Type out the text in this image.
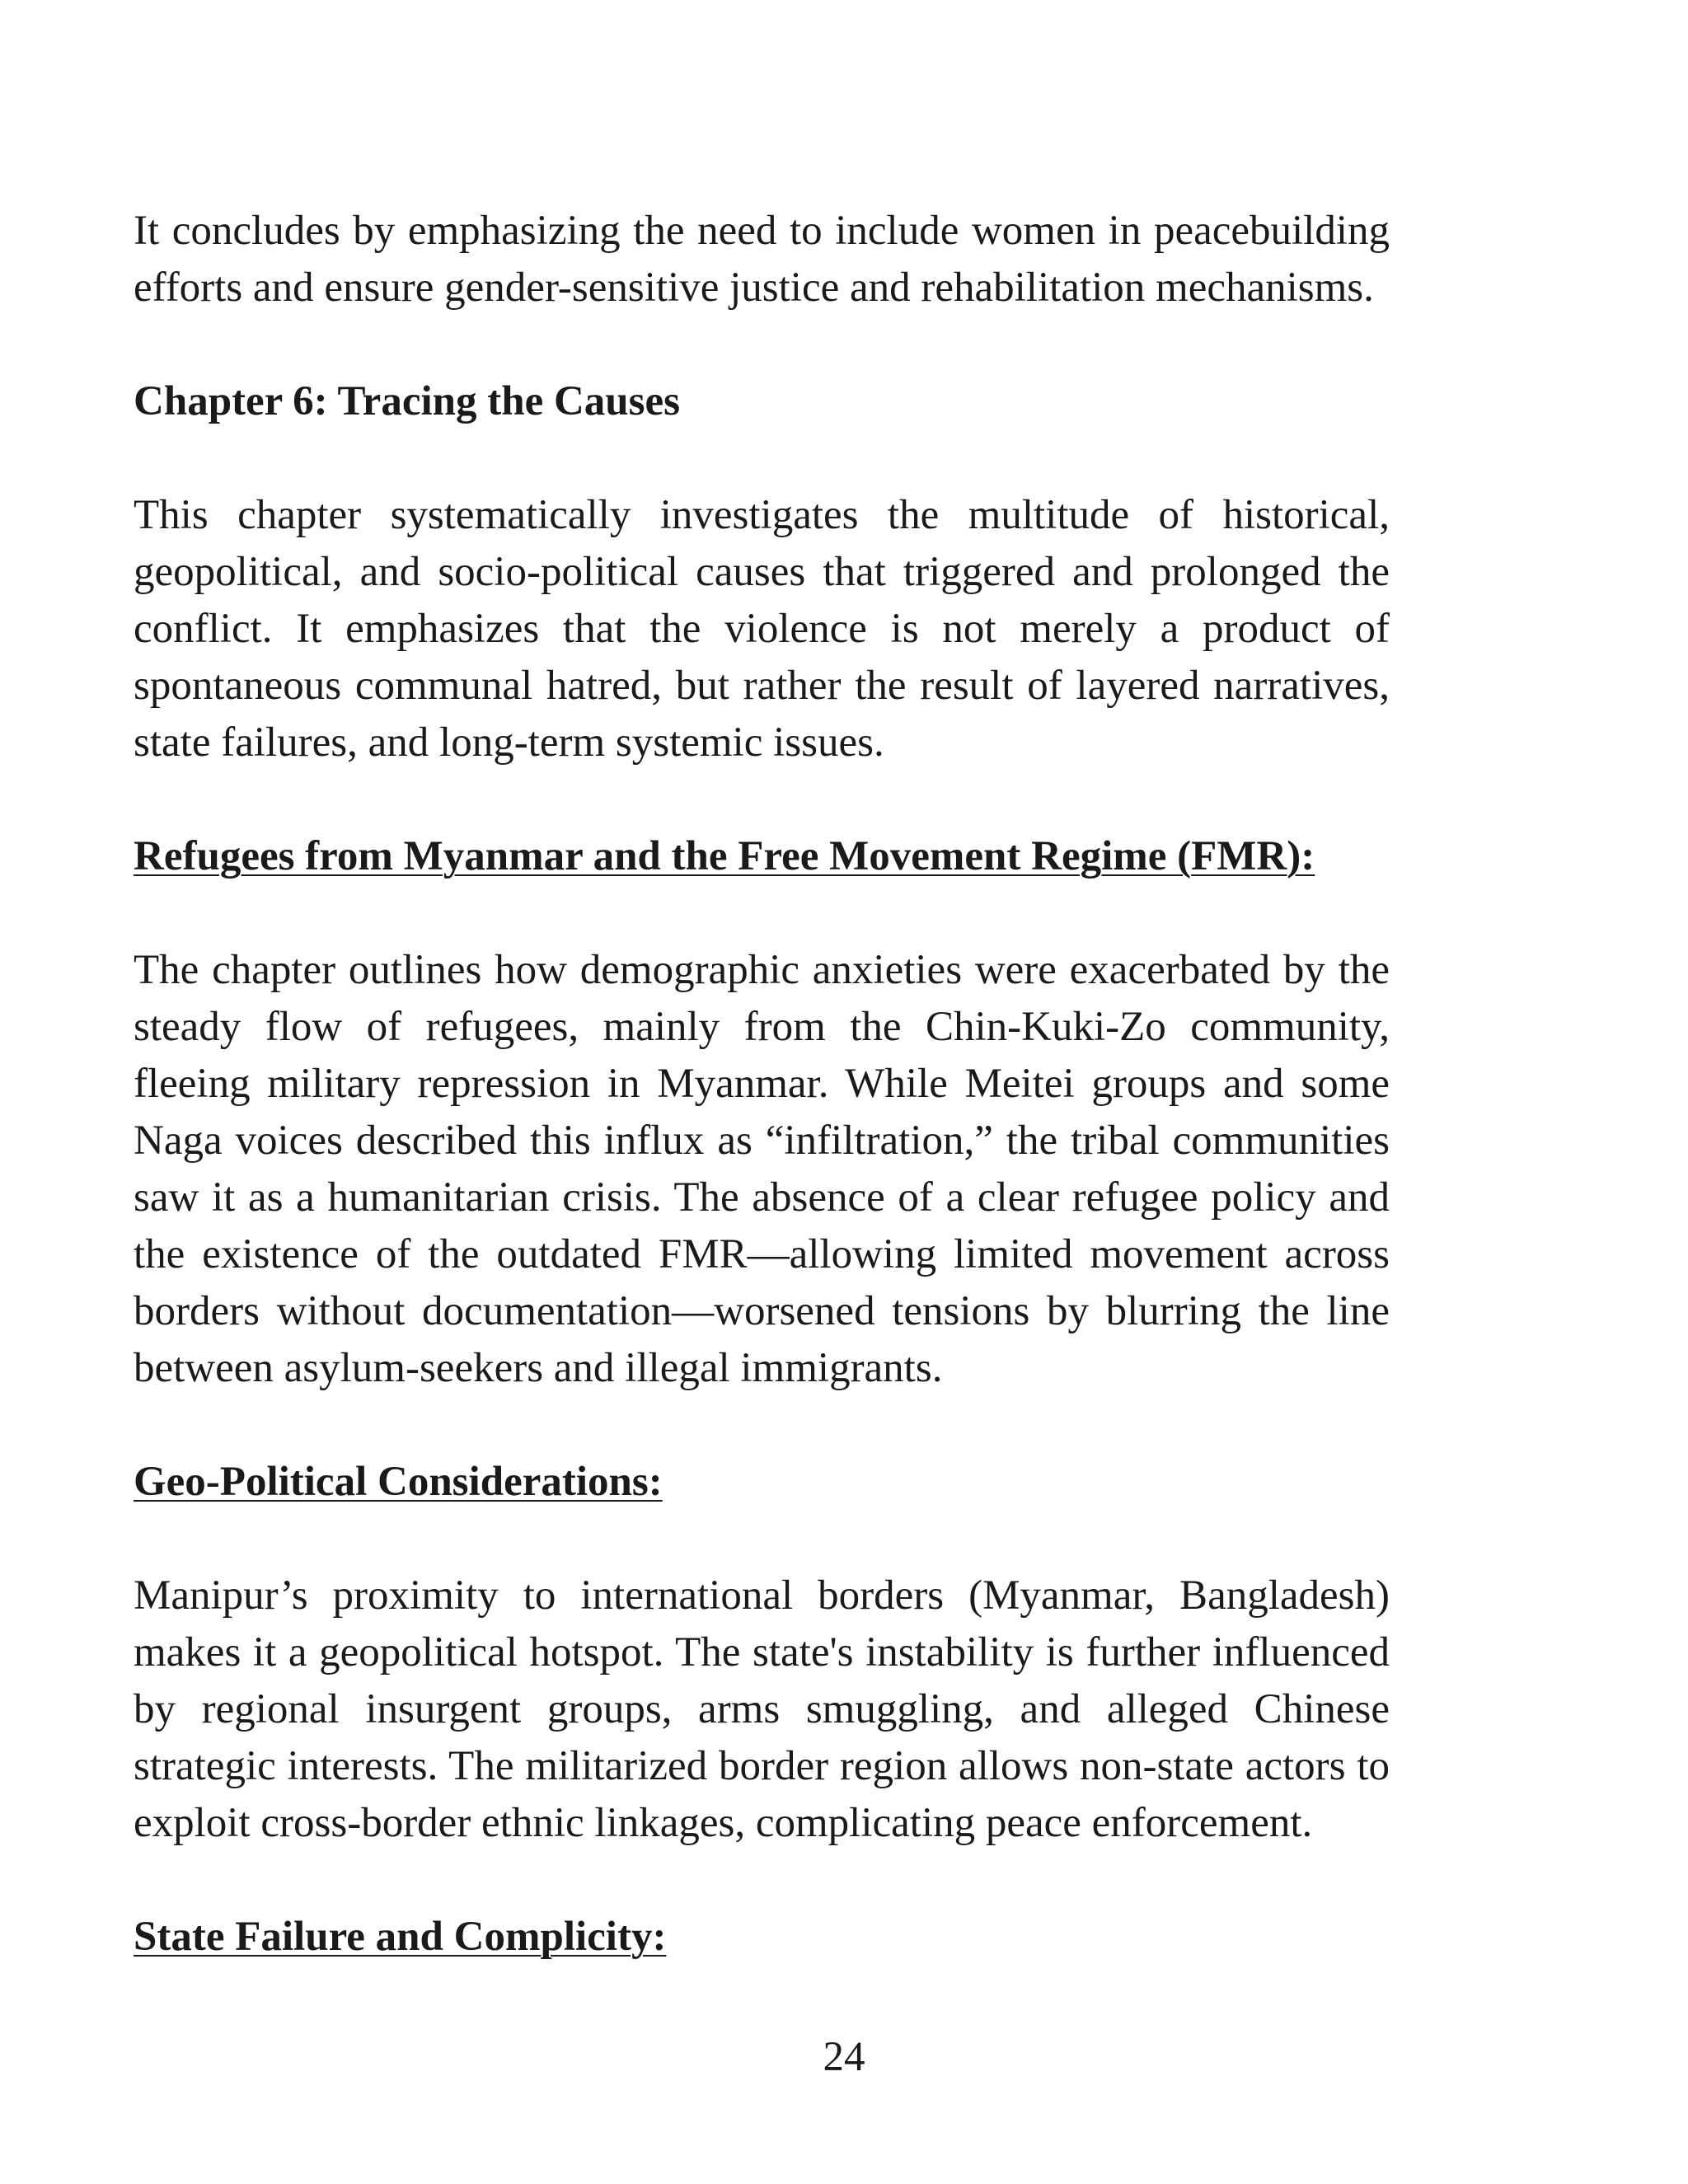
It concludes by emphasizing the need to include women in peacebuilding efforts and ensure gender-sensitive justice and rehabilitation mechanisms.

Chapter 6: Tracing the Causes

This chapter systematically investigates the multitude of historical, geopolitical, and socio-political causes that triggered and prolonged the conflict. It emphasizes that the violence is not merely a product of spontaneous communal hatred, but rather the result of layered narratives, state failures, and long-term systemic issues.

Refugees from Myanmar and the Free Movement Regime (FMR):

The chapter outlines how demographic anxieties were exacerbated by the steady flow of refugees, mainly from the Chin-Kuki-Zo community, fleeing military repression in Myanmar. While Meitei groups and some Naga voices described this influx as “infiltration,” the tribal communities saw it as a humanitarian crisis. The absence of a clear refugee policy and the existence of the outdated FMR—allowing limited movement across borders without documentation—worsened tensions by blurring the line between asylum-seekers and illegal immigrants.

Geo-Political Considerations:

Manipur’s proximity to international borders (Myanmar, Bangladesh) makes it a geopolitical hotspot. The state's instability is further influenced by regional insurgent groups, arms smuggling, and alleged Chinese strategic interests. The militarized border region allows non-state actors to exploit cross-border ethnic linkages, complicating peace enforcement.

State Failure and Complicity:
24
